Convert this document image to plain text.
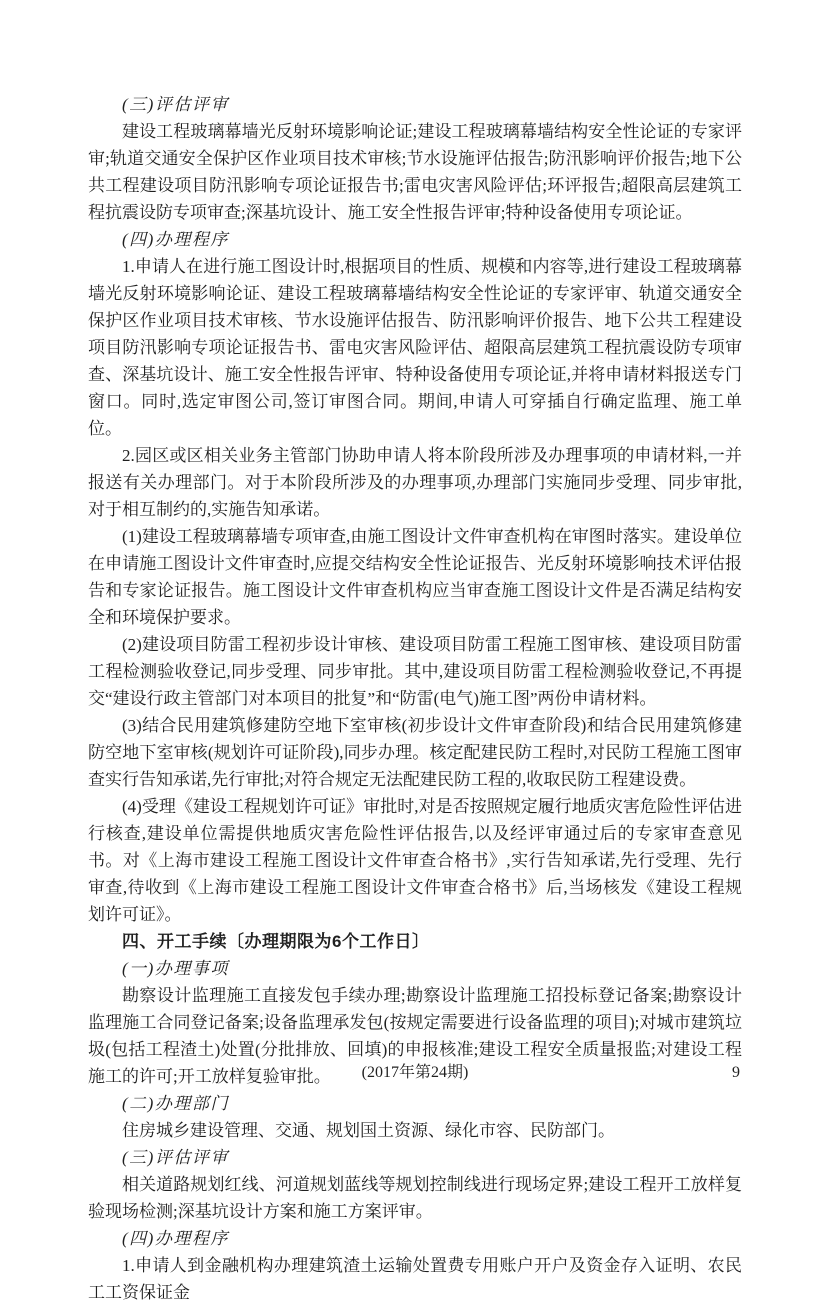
(三)评估评审

建设工程玻璃幕墙光反射环境影响论证;建设工程玻璃幕墙结构安全性论证的专家评审;轨道交通安全保护区作业项目技术审核;节水设施评估报告;防汛影响评价报告;地下公共工程建设项目防汛影响专项论证报告书;雷电灾害风险评估;环评报告;超限高层建筑工程抗震设防专项审查;深基坑设计、施工安全性报告评审;特种设备使用专项论证。

(四)办理程序

1.申请人在进行施工图设计时,根据项目的性质、规模和内容等,进行建设工程玻璃幕墙光反射环境影响论证、建设工程玻璃幕墙结构安全性论证的专家评审、轨道交通安全保护区作业项目技术审核、节水设施评估报告、防汛影响评价报告、地下公共工程建设项目防汛影响专项论证报告书、雷电灾害风险评估、超限高层建筑工程抗震设防专项审查、深基坑设计、施工安全性报告评审、特种设备使用专项论证,并将申请材料报送专门窗口。同时,选定审图公司,签订审图合同。期间,申请人可穿插自行确定监理、施工单位。

2.园区或区相关业务主管部门协助申请人将本阶段所涉及办理事项的申请材料,一并报送有关办理部门。对于本阶段所涉及的办理事项,办理部门实施同步受理、同步审批,对于相互制约的,实施告知承诺。

(1)建设工程玻璃幕墙专项审查,由施工图设计文件审查机构在审图时落实。建设单位在申请施工图设计文件审查时,应提交结构安全性论证报告、光反射环境影响技术评估报告和专家论证报告。施工图设计文件审查机构应当审查施工图设计文件是否满足结构安全和环境保护要求。

(2)建设项目防雷工程初步设计审核、建设项目防雷工程施工图审核、建设项目防雷工程检测验收登记,同步受理、同步审批。其中,建设项目防雷工程检测验收登记,不再提交“建设行政主管部门对本项目的批复”和“防雷(电气)施工图”两份申请材料。

(3)结合民用建筑修建防空地下室审核(初步设计文件审查阶段)和结合民用建筑修建防空地下室审核(规划许可证阶段),同步办理。核定配建民防工程时,对民防工程施工图审查实行告知承诺,先行审批;对符合规定无法配建民防工程的,收取民防工程建设费。

(4)受理《建设工程规划许可证》审批时,对是否按照规定履行地质灾害危险性评估进行核查,建设单位需提供地质灾害危险性评估报告,以及经评审通过后的专家审查意见书。对《上海市建设工程施工图设计文件审查合格书》,实行告知承诺,先行受理、先行审查,待收到《上海市建设工程施工图设计文件审查合格书》后,当场核发《建设工程规划许可证》。

四、开工手续〔办理期限为6个工作日〕

(一)办理事项

勘察设计监理施工直接发包手续办理;勘察设计监理施工招投标登记备案;勘察设计监理施工合同登记备案;设备监理承发包(按规定需要进行设备监理的项目);对城市建筑垃圾(包括工程渣土)处置(分批排放、回填)的申报核准;建设工程安全质量报监;对建设工程施工的许可;开工放样复验审批。

(二)办理部门

住房城乡建设管理、交通、规划国土资源、绿化市容、民防部门。

(三)评估评审

相关道路规划红线、河道规划蓝线等规划控制线进行现场定界;建设工程开工放样复验现场检测;深基坑设计方案和施工方案评审。

(四)办理程序

1.申请人到金融机构办理建筑渣土运输处置费专用账户开户及资金存入证明、农民工工资保证金

(2017年第24期)	9
